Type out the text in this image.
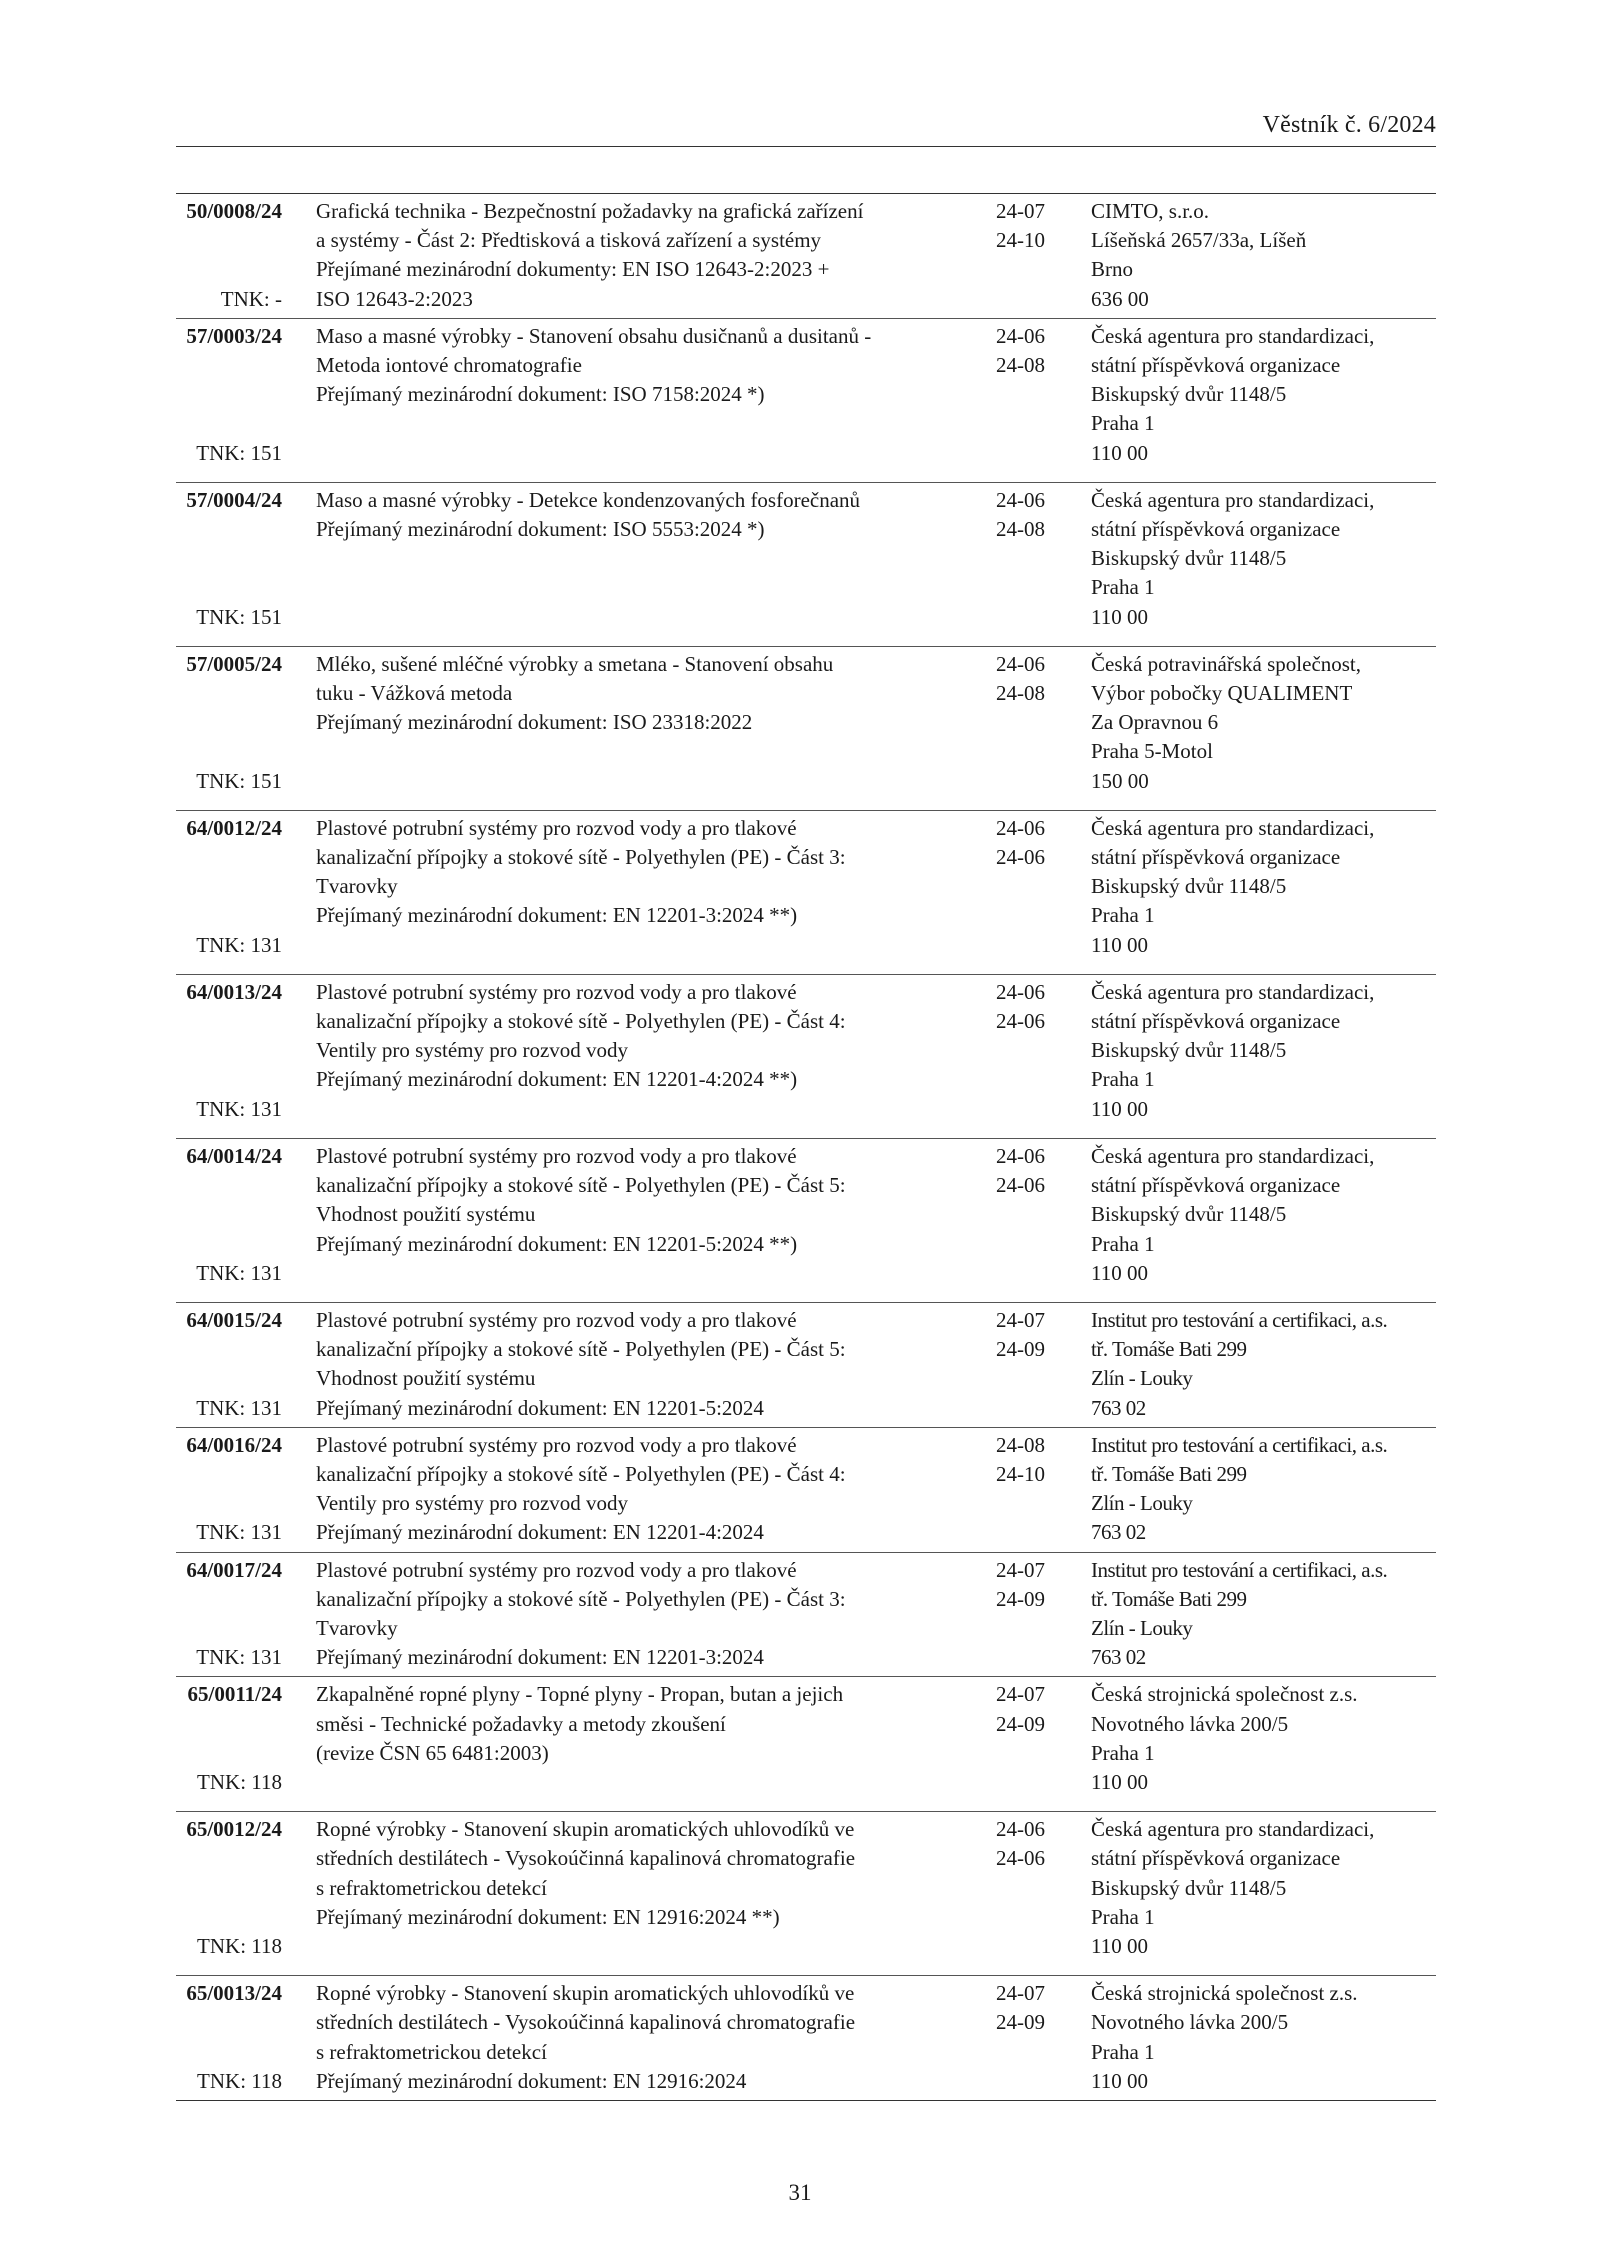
Věstník č. 6/2024
50/0008/24
TNK: -
Grafická technika - Bezpečnostní požadavky na grafická zařízení
a systémy - Část 2: Předtisková a tisková zařízení a systémy
Přejímané mezinárodní dokumenty: EN ISO 12643-2:2023 +
ISO 12643-2:2023
24-07
24-10
CIMTO, s.r.o.
Líšeňská 2657/33a, Líšeň
Brno
636 00
57/0003/24
TNK: 151
Maso a masné výrobky - Stanovení obsahu dusičnanů a dusitanů -
Metoda iontové chromatografie
Přejímaný mezinárodní dokument: ISO 7158:2024 *)
24-06
24-08
Česká agentura pro standardizaci,
státní příspěvková organizace
Biskupský dvůr 1148/5
Praha 1
110 00
57/0004/24
TNK: 151
Maso a masné výrobky - Detekce kondenzovaných fosforečnanů
Přejímaný mezinárodní dokument: ISO 5553:2024 *)
24-06
24-08
Česká agentura pro standardizaci,
státní příspěvková organizace
Biskupský dvůr 1148/5
Praha 1
110 00
57/0005/24
TNK: 151
Mléko, sušené mléčné výrobky a smetana - Stanovení obsahu
tuku - Vážková metoda
Přejímaný mezinárodní dokument: ISO 23318:2022
24-06
24-08
Česká potravinářská společnost,
Výbor pobočky QUALIMENT
Za Opravnou 6
Praha 5-Motol
150 00
64/0012/24
TNK: 131
Plastové potrubní systémy pro rozvod vody a pro tlakové
kanalizační přípojky a stokové sítě - Polyethylen (PE) - Část 3:
Tvarovky
Přejímaný mezinárodní dokument: EN 12201-3:2024 **)
24-06
24-06
Česká agentura pro standardizaci,
státní příspěvková organizace
Biskupský dvůr 1148/5
Praha 1
110 00
64/0013/24
TNK: 131
Plastové potrubní systémy pro rozvod vody a pro tlakové
kanalizační přípojky a stokové sítě - Polyethylen (PE) - Část 4:
Ventily pro systémy pro rozvod vody
Přejímaný mezinárodní dokument: EN 12201-4:2024 **)
24-06
24-06
Česká agentura pro standardizaci,
státní příspěvková organizace
Biskupský dvůr 1148/5
Praha 1
110 00
64/0014/24
TNK: 131
Plastové potrubní systémy pro rozvod vody a pro tlakové
kanalizační přípojky a stokové sítě - Polyethylen (PE) - Část 5:
Vhodnost použití systému
Přejímaný mezinárodní dokument: EN 12201-5:2024 **)
24-06
24-06
Česká agentura pro standardizaci,
státní příspěvková organizace
Biskupský dvůr 1148/5
Praha 1
110 00
64/0015/24
TNK: 131
Plastové potrubní systémy pro rozvod vody a pro tlakové
kanalizační přípojky a stokové sítě - Polyethylen (PE) - Část 5:
Vhodnost použití systému
Přejímaný mezinárodní dokument: EN 12201-5:2024
24-07
24-09
Institut pro testování a certifikaci, a.s.
tř. Tomáše Bati 299
Zlín - Louky
763 02
64/0016/24
TNK: 131
Plastové potrubní systémy pro rozvod vody a pro tlakové
kanalizační přípojky a stokové sítě - Polyethylen (PE) - Část 4:
Ventily pro systémy pro rozvod vody
Přejímaný mezinárodní dokument: EN 12201-4:2024
24-08
24-10
Institut pro testování a certifikaci, a.s.
tř. Tomáše Bati 299
Zlín - Louky
763 02
64/0017/24
TNK: 131
Plastové potrubní systémy pro rozvod vody a pro tlakové
kanalizační přípojky a stokové sítě - Polyethylen (PE) - Část 3:
Tvarovky
Přejímaný mezinárodní dokument: EN 12201-3:2024
24-07
24-09
Institut pro testování a certifikaci, a.s.
tř. Tomáše Bati 299
Zlín - Louky
763 02
65/0011/24
TNK: 118
Zkapalněné ropné plyny - Topné plyny - Propan, butan a jejich
směsi - Technické požadavky a metody zkoušení
(revize ČSN 65 6481:2003)
24-07
24-09
Česká strojnická společnost z.s.
Novotného lávka 200/5
Praha 1
110 00
65/0012/24
TNK: 118
Ropné výrobky - Stanovení skupin aromatických uhlovodíků ve
středních destilátech - Vysokoúčinná kapalinová chromatografie
s refraktometrickou detekcí
Přejímaný mezinárodní dokument: EN 12916:2024 **)
24-06
24-06
Česká agentura pro standardizaci,
státní příspěvková organizace
Biskupský dvůr 1148/5
Praha 1
110 00
65/0013/24
TNK: 118
Ropné výrobky - Stanovení skupin aromatických uhlovodíků ve
středních destilátech - Vysokoúčinná kapalinová chromatografie
s refraktometrickou detekcí
Přejímaný mezinárodní dokument: EN 12916:2024
24-07
24-09
Česká strojnická společnost z.s.
Novotného lávka 200/5
Praha 1
110 00
31
